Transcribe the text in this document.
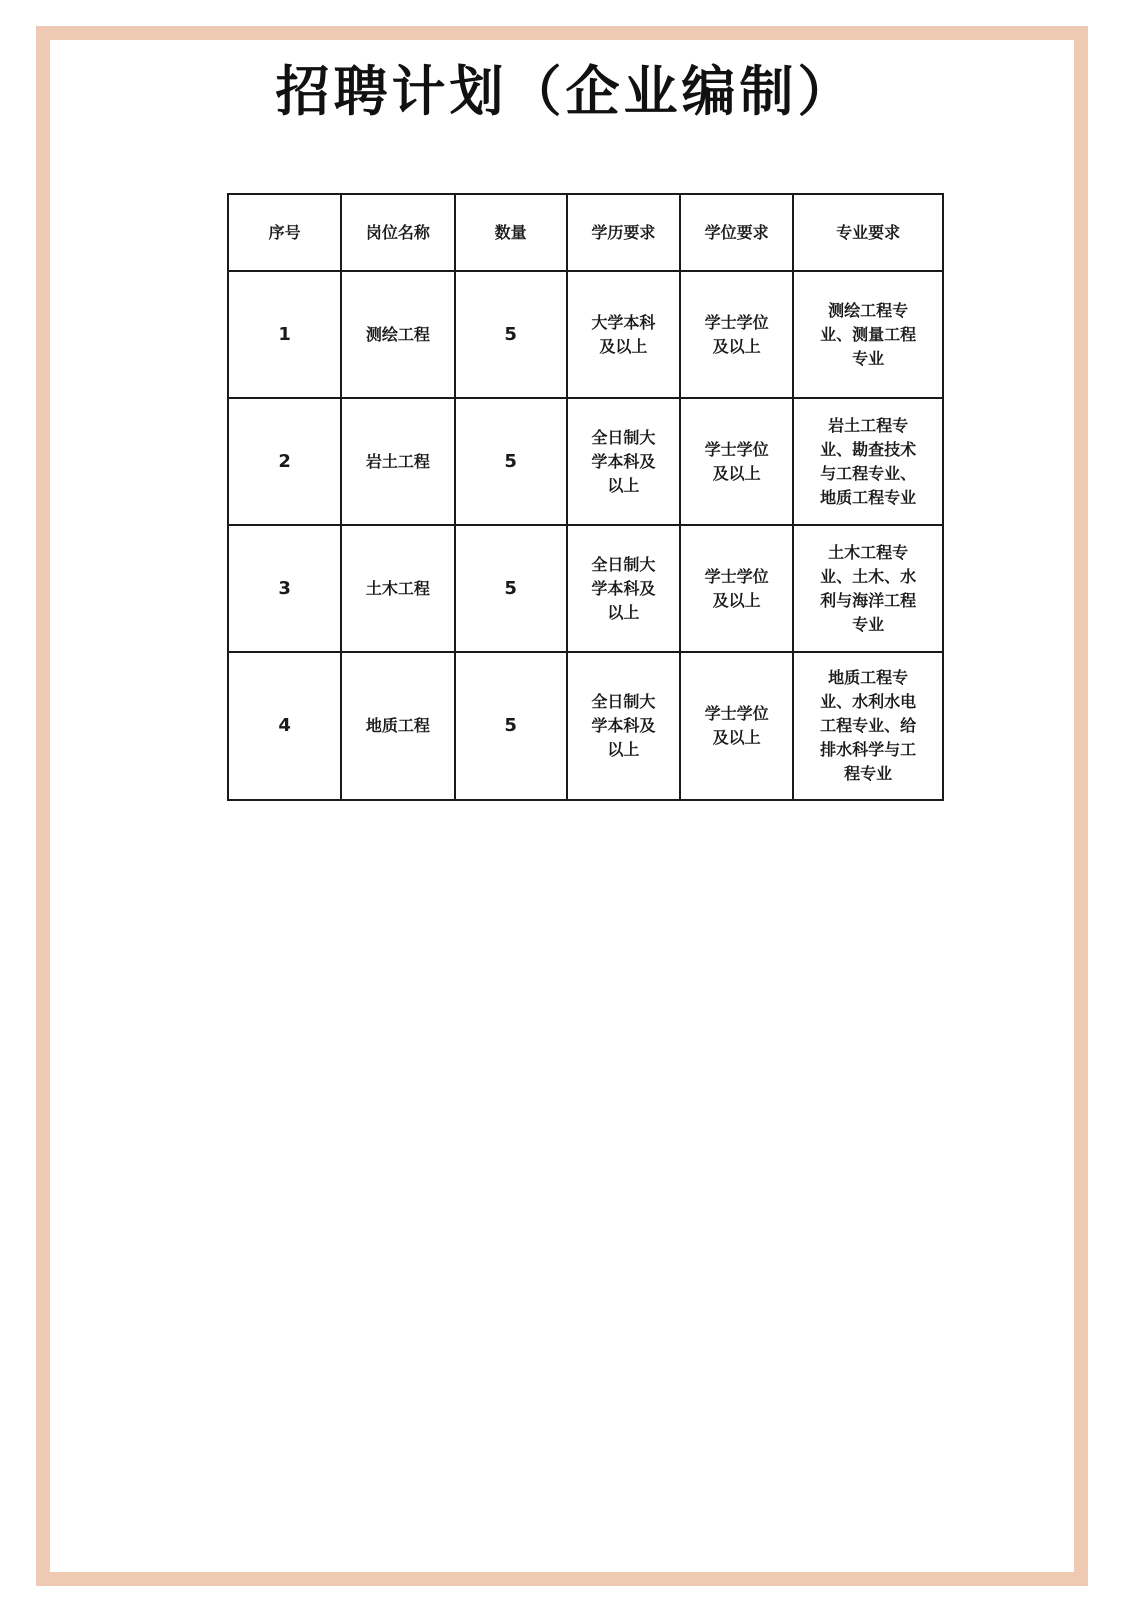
招聘计划（企业编制）
序号	岗位名称	数量	学历要求	学位要求	专业要求
1	测绘工程	5	大学本科及以上	学士学位及以上	测绘工程专业、测量工程专业
2	岩土工程	5	全日制大学本科及以上	学士学位及以上	岩土工程专业、勘查技术与工程专业、地质工程专业
3	土木工程	5	全日制大学本科及以上	学士学位及以上	土木工程专业、土木、水利与海洋工程专业
4	地质工程	5	全日制大学本科及以上	学士学位及以上	地质工程专业、水利水电工程专业、给排水科学与工程专业
